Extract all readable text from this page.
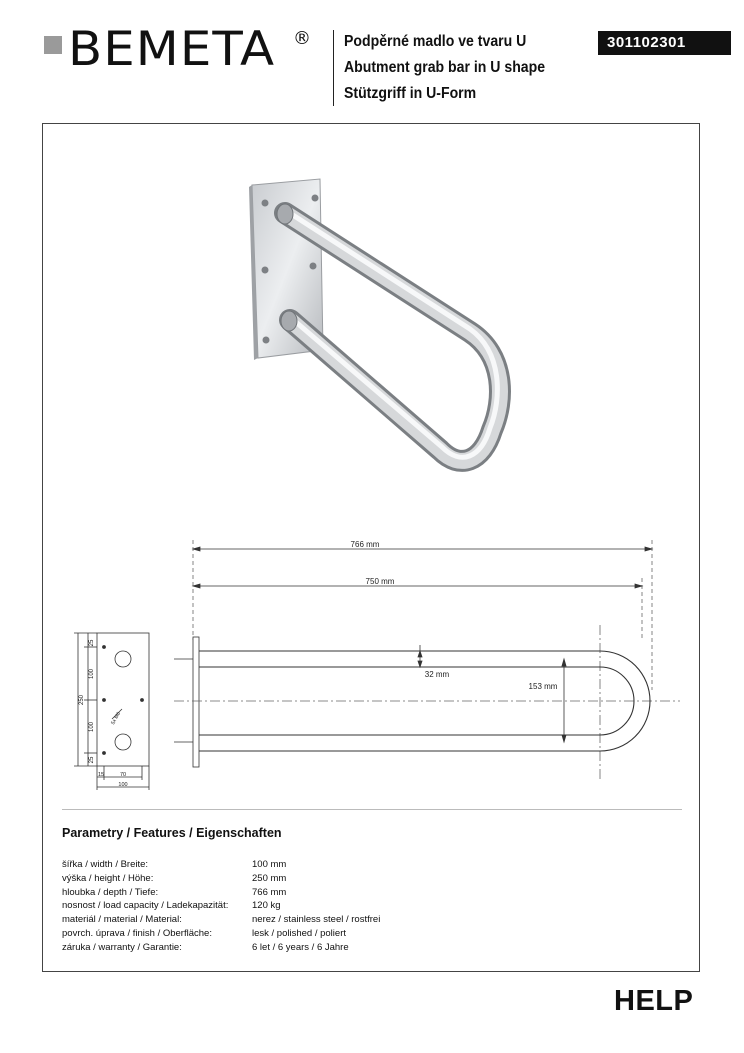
BEMETA ® Podpěrné madlo ve tvaru U
Abutment grab bar in U shape
Stützgriff in U-Form
301102301
766 mm
750 mm
32 mm
153 mm
25
100
250
100
25
5x M6
15	70
100
Parametry / Features / Eigenschaften
šířka / width / Breite:	100 mm
výška / height / Höhe:	250 mm
hloubka / depth / Tiefe:	766 mm
nosnost / load capacity / Ladekapazität:	120 kg
materiál / material / Material:	nerez / stainless steel / rostfrei
povrch. úprava / finish / Oberfläche:	lesk / polished / poliert
záruka / warranty / Garantie:	6 let / 6 years / 6 Jahre
HELP
